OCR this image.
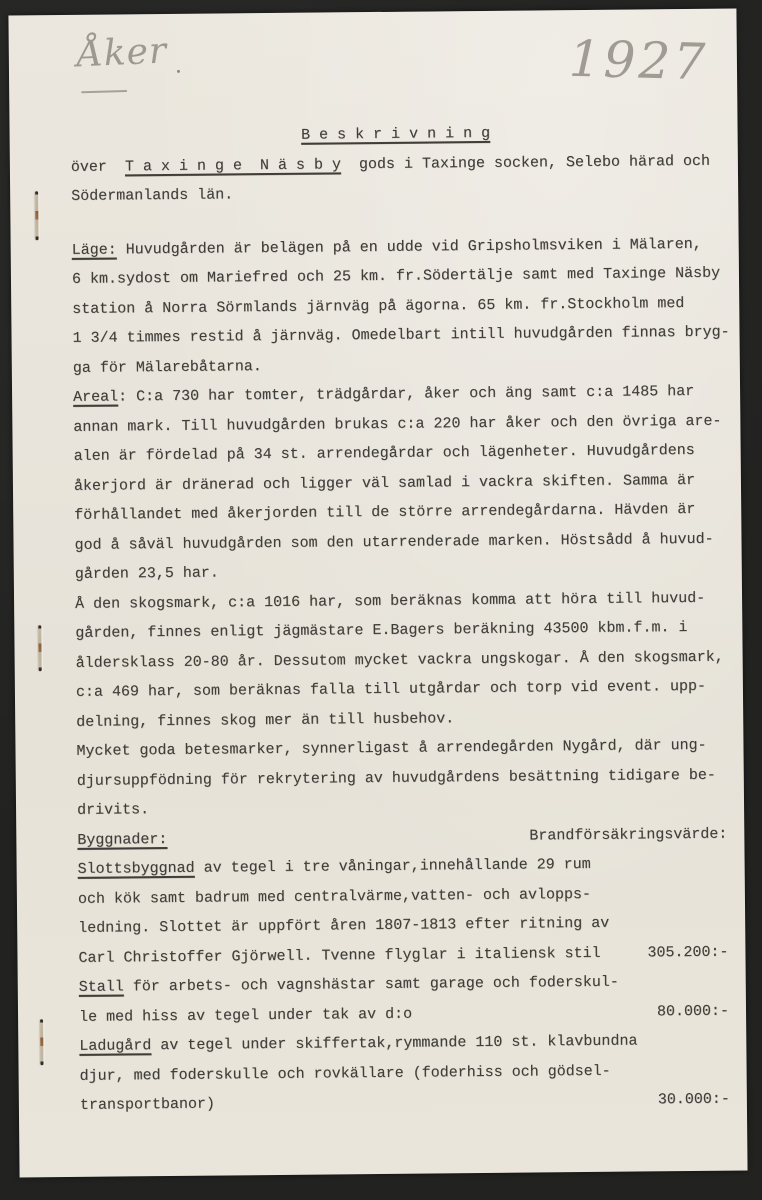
Åker	1927
B e s k r i v n i n g
över  T a x i n g e  N ä s b y  gods i Taxinge socken, Selebo härad och
Södermanlands län.
Läge: Huvudgården är belägen på en udde vid Gripsholmsviken i Mälaren,
6 km.sydost om Mariefred och 25 km. fr.Södertälje samt med Taxinge Näsby
station å Norra Sörmlands järnväg på ägorna. 65 km. fr.Stockholm med
1 3/4 timmes restid å järnväg. Omedelbart intill huvudgården finnas bryg-
ga för Mälarebåtarna.
Areal: C:a 730 har tomter, trädgårdar, åker och äng samt c:a 1485 har
annan mark. Till huvudgården brukas c:a 220 har åker och den övriga are-
alen är fördelad på 34 st. arrendegårdar och lägenheter. Huvudgårdens
åkerjord är dränerad och ligger väl samlad i vackra skiften. Samma är
förhållandet med åkerjorden till de större arrendegårdarna. Hävden är
god å såväl huvudgården som den utarrenderade marken. Höstsådd å huvud-
gården 23,5 har.
Å den skogsmark, c:a 1016 har, som beräknas komma att höra till huvud-
gården, finnes enligt jägmästare E.Bagers beräkning 43500 kbm.f.m. i
åldersklass 20-80 år. Dessutom mycket vackra ungskogar. Å den skogsmark,
c:a 469 har, som beräknas falla till utgårdar och torp vid event. upp-
delning, finnes skog mer än till husbehov.
Mycket goda betesmarker, synnerligast å arrendegården Nygård, där ung-
djursuppfödning för rekrytering av huvudgårdens besättning tidigare be-
drivits.
Byggnader:	Brandförsäkringsvärde:
Slottsbyggnad av tegel i tre våningar,innehållande 29 rum
och kök samt badrum med centralvärme,vatten- och avlopps-
ledning. Slottet är uppfört åren 1807-1813 efter ritning av
Carl Christoffer Gjörwell. Tvenne flyglar i italiensk stil	305.200:-
Stall för arbets- och vagnshästar samt garage och foderskul-
le med hiss av tegel under tak av d:o	80.000:-
Ladugård av tegel under skiffertak,rymmande 110 st. klavbundna
djur, med foderskulle och rovkällare (foderhiss och gödsel-
transportbanor)	30.000:-
